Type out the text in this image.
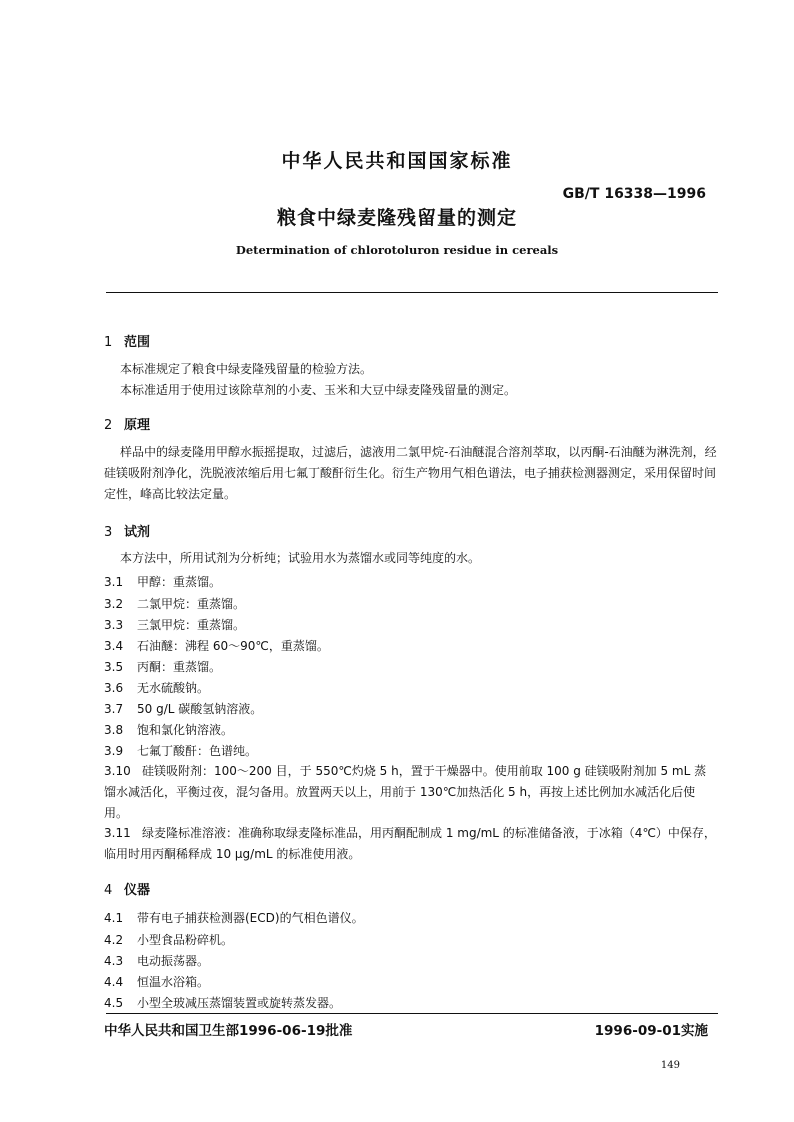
中华人民共和国国家标准
GB/T 16338—1996
粮食中绿麦隆残留量的测定
Determination of chlorotoluron residue in cereals
1 范围
本标准规定了粮食中绿麦隆残留量的检验方法。
本标准适用于使用过该除草剂的小麦、玉米和大豆中绿麦隆残留量的测定。
2 原理
样品中的绿麦隆用甲醇水振摇提取，过滤后，滤液用二氯甲烷-石油醚混合溶剂萃取，以丙酮-石油醚为淋洗剂，经硅镁吸附剂净化，洗脱液浓缩后用七氟丁酸酐衍生化。衍生产物用气相色谱法，电子捕获检测器测定，采用保留时间定性，峰高比较法定量。
3 试剂
本方法中，所用试剂为分析纯；试验用水为蒸馏水或同等纯度的水。
3.1 甲醇：重蒸馏。
3.2 二氯甲烷：重蒸馏。
3.3 三氯甲烷：重蒸馏。
3.4 石油醚：沸程 60～90℃，重蒸馏。
3.5 丙酮：重蒸馏。
3.6 无水硫酸钠。
3.7 50 g/L 碳酸氢钠溶液。
3.8 饱和氯化钠溶液。
3.9 七氟丁酸酐：色谱纯。
3.10 硅镁吸附剂：100～200 目，于 550℃灼烧 5 h，置于干燥器中。使用前取 100 g 硅镁吸附剂加 5 mL 蒸馏水减活化，平衡过夜，混匀备用。放置两天以上，用前于 130℃加热活化 5 h，再按上述比例加水减活化后使用。
3.11 绿麦隆标准溶液：准确称取绿麦隆标准品，用丙酮配制成 1 mg/mL 的标准储备液，于冰箱（4℃）中保存，临用时用丙酮稀释成 10 μg/mL 的标准使用液。
4 仪器
4.1 带有电子捕获检测器(ECD)的气相色谱仪。
4.2 小型食品粉碎机。
4.3 电动振荡器。
4.4 恒温水浴箱。
4.5 小型全玻减压蒸馏装置或旋转蒸发器。
中华人民共和国卫生部1996-06-19批准	1996-09-01实施
149
